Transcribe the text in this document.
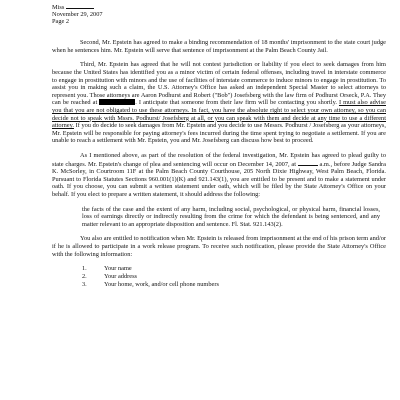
Miss
November 29, 2007
Page 2

Second, Mr. Epstein has agreed to make a binding recommendation of 18 months' imprisonment to the state court judge when he sentences him. Mr. Epstein will serve that sentence of imprisonment at the Palm Beach County Jail.

Third, Mr. Epstein has agreed that he will not contest jurisdiction or liability if you elect to seek damages from him because the United States has identified you as a minor victim of certain federal offenses, including travel in interstate commerce to engage in prostitution with minors and the use of facilities of interstate commerce to induce minors to engage in prostitution. To assist you in making such a claim, the U.S. Attorney's Office has asked an independent Special Master to select attorneys to represent you. Those attorneys are Aaron Podhurst and Robert ("Bob") Josefsberg with the law firm of Podhurst Orseck, P.A. They can be reached at	. I anticipate that someone from their law firm will be contacting you shortly. I must also advise you that you are not obligated to use these attorneys. In fact, you have the absolute right to select your own attorney, so you can decide not to speak with Mssrs. Podhurst/ Josefsberg at all, or you can speak with them and decide at any time to use a different attorney. If you do decide to seek damages from Mr. Epstein and you decide to use Messrs. Podhurst / Josefsberg as your attorneys, Mr. Epstein will be responsible for paying attorney's fees incurred during the time spent trying to negotiate a settlement. If you are unable to reach a settlement with Mr. Epstein, you and Mr. Josefsberg can discuss how best to proceed.

As I mentioned above, as part of the resolution of the federal investigation, Mr. Epstein has agreed to plead guilty to state charges. Mr. Epstein's change of plea and sentencing will occur on December 14, 2007, at	a.m., before Judge Sandra K. McSorley, in Courtroom 11F at the Palm Beach County Courthouse, 205 North Dixie Highway, West Palm Beach, Florida. Pursuant to Florida Statutes Sections 960.001(1)(K) and 921.143(1), you are entitled to be present and to make a statement under oath. If you choose, you can submit a written statement under oath, which will be filed by the State Attorney's Office on your behalf. If you elect to prepare a written statement, it should address the following:

the facts of the case and the extent of any harm, including social, psychological, or physical harm, financial losses, loss of earnings directly or indirectly resulting from the crime for which the defendant is being sentenced, and any matter relevant to an appropriate disposition and sentence. Fl. Stat. 921.143(2).

You also are entitled to notification when Mr. Epstein is released from imprisonment at the end of his prison term and/or if he is allowed to participate in a work release program. To receive such notification, please provide the State Attorney's Office with the following information:

1.	Your name
2.	Your address
3.	Your home, work, and/or cell phone numbers
